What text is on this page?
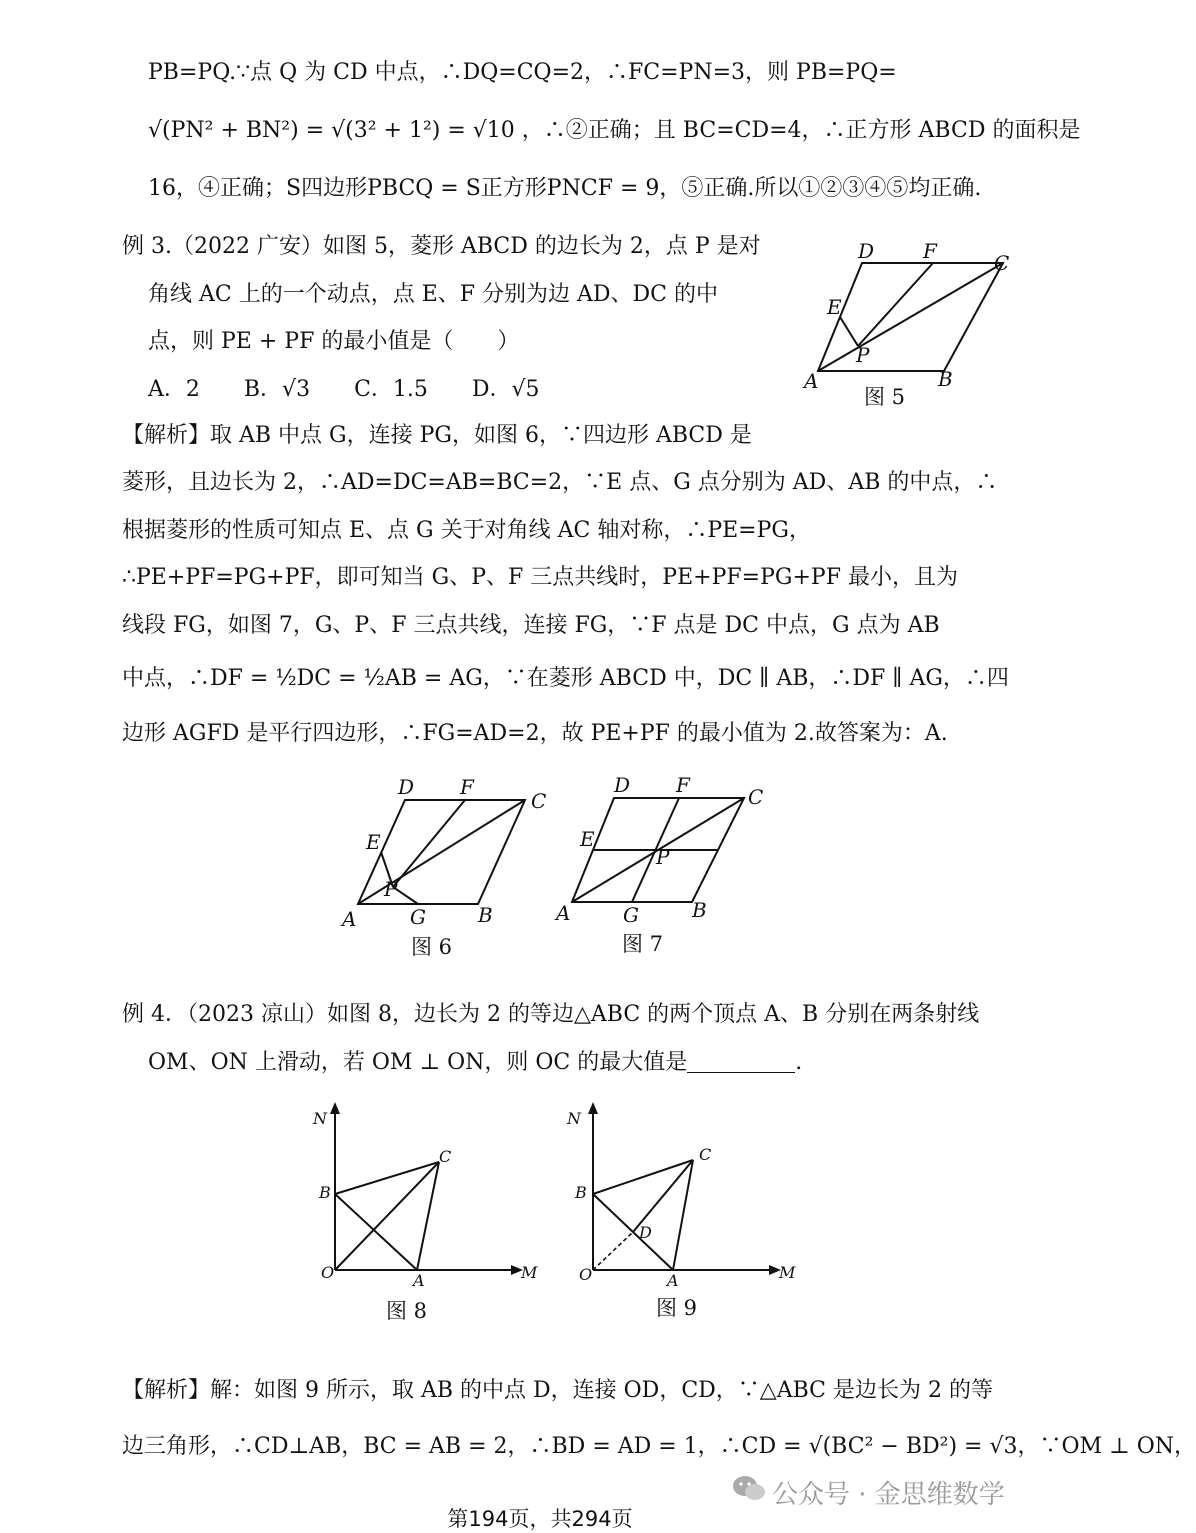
PB=PQ.∵点 Q 为 CD 中点，∴DQ=CQ=2，∴FC=PN=3，则 PB=PQ=
√(PN² + BN²) = √(3² + 1²) = √10 ，∴②正确；且 BC=CD=4，∴正方形 ABCD 的面积是
16，④正确；S四边形PBCQ = S正方形PNCF = 9，⑤正确.所以①②③④⑤均正确.
例 3.（2022 广安）如图 5，菱形 ABCD 的边长为 2，点 P 是对
角线 AC 上的一个动点，点 E、F 分别为边 AD、DC 的中
点，则 PE + PF 的最小值是（　　）
A．2　　B．√3　　C．1.5　　D．√5
D F	C
E
P
A	B
图 5
【解析】取 AB 中点 G，连接 PG，如图 6，∵四边形 ABCD 是
菱形，且边长为 2，∴AD=DC=AB=BC=2，∵E 点、G 点分别为 AD、AB 的中点，∴
根据菱形的性质可知点 E、点 G 关于对角线 AC 轴对称，∴PE=PG，
∴PE+PF=PG+PF，即可知当 G、P、F 三点共线时，PE+PF=PG+PF 最小，且为
线段 FG，如图 7，G、P、F 三点共线，连接 FG，∵F 点是 DC 中点，G 点为 AB
中点，∴DF = ½DC = ½AB = AG，∵在菱形 ABCD 中，DC ∥ AB，∴DF ∥ AG，∴四
边形 AGFD 是平行四边形，∴FG=AD=2，故 PE+PF 的最小值为 2.故答案为：A.
D F
C
E
P
A	G	B
图 6
D F	C
E
P
A	G	B
图 7
例 4．（2023 凉山）如图 8，边长为 2 的等边△ABC 的两个顶点 A、B 分别在两条射线
OM、ON 上滑动，若 OM ⊥ ON，则 OC 的最大值是	.
N
B
C
O	A	M
图 8
N
B
C
D
O	A	M
图 9
【解析】解：如图 9 所示，取 AB 的中点 D，连接 OD，CD，∵△ABC 是边长为 2 的等
边三角形，∴CD⊥AB，BC = AB = 2，∴BD = AD = 1，∴CD = √(BC² − BD²) = √3，∵OM ⊥ ON，
公众号 · 金思维数学
第194页，共294页
